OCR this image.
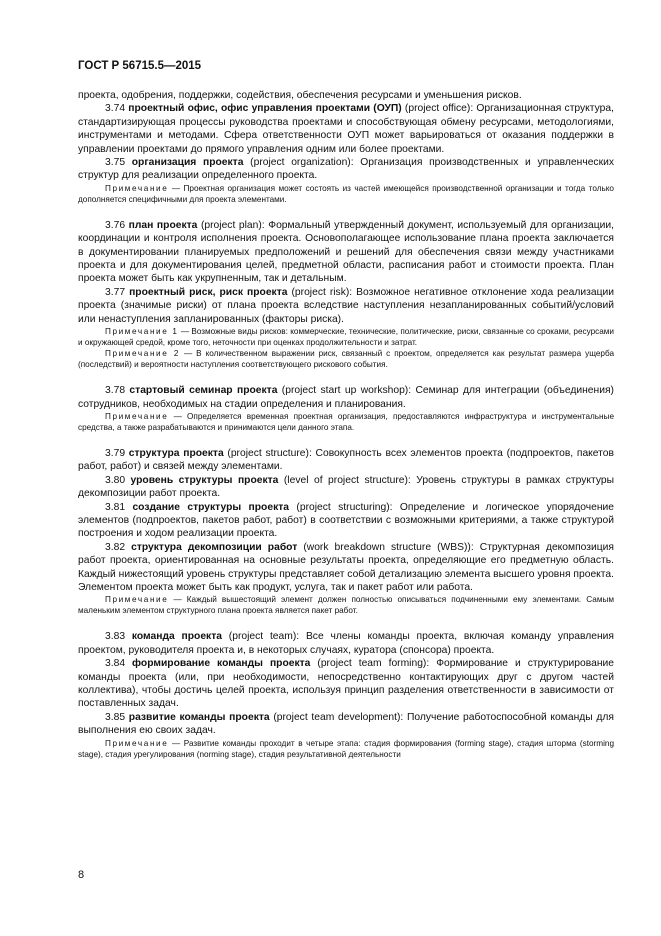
ГОСТ Р 56715.5—2015

проекта, одобрения, поддержки, содействия, обеспечения ресурсами и уменьшения рисков.

3.74 проектный офис, офис управления проектами (ОУП) (project office): Организационная структура, стандартизирующая процессы руководства проектами и способствующая обмену ресурсами, методологиями, инструментами и методами. Сфера ответственности ОУП может варьироваться от оказания поддержки в управлении проектами до прямого управления одним или более проектами.

3.75 организация проекта (project organization): Организация производственных и управленческих структур для реализации определенного проекта.

Примечание — Проектная организация может состоять из частей имеющейся производственной организации и тогда только дополняется специфичными для проекта элементами.

3.76 план проекта (project plan): Формальный утвержденный документ, используемый для организации, координации и контроля исполнения проекта. Основополагающее использование плана проекта заключается в документировании планируемых предположений и решений для обеспечения связи между участниками проекта и для документирования целей, предметной области, расписания работ и стоимости проекта. План проекта может быть как укрупненным, так и детальным.

3.77 проектный риск, риск проекта (project risk): Возможное негативное отклонение хода реализации проекта (значимые риски) от плана проекта вследствие наступления незапланированных событий/условий или ненаступления запланированных (факторы риска).

Примечание 1 — Возможные виды рисков: коммерческие, технические, политические, риски, связанные со сроками, ресурсами и окружающей средой, кроме того, неточности при оценках продолжительности и затрат.

Примечание 2 — В количественном выражении риск, связанный с проектом, определяется как результат размера ущерба (последствий) и вероятности наступления соответствующего рискового события.

3.78 стартовый семинар проекта (project start up workshop): Семинар для интеграции (объединения) сотрудников, необходимых на стадии определения и планирования.

Примечание — Определяется временная проектная организация, предоставляются инфраструктура и инструментальные средства, а также разрабатываются и принимаются цели данного этапа.

3.79 структура проекта (project structure): Совокупность всех элементов проекта (подпроектов, пакетов работ, работ) и связей между элементами.

3.80 уровень структуры проекта (level of project structure): Уровень структуры в рамках структуры декомпозиции работ проекта.

3.81 создание структуры проекта (project structuring): Определение и логическое упорядочение элементов (подпроектов, пакетов работ, работ) в соответствии с возможными критериями, а также структурой построения и ходом реализации проекта.

3.82 структура декомпозиции работ (work breakdown structure (WBS)): Структурная декомпозиция работ проекта, ориентированная на основные результаты проекта, определяющие его предметную область. Каждый нижестоящий уровень структуры представляет собой детализацию элемента высшего уровня проекта. Элементом проекта может быть как продукт, услуга, так и пакет работ или работа.

Примечание — Каждый вышестоящий элемент должен полностью описываться подчиненными ему элементами. Самым маленьким элементом структурного плана проекта является пакет работ.

3.83 команда проекта (project team): Все члены команды проекта, включая команду управления проектом, руководителя проекта и, в некоторых случаях, куратора (спонсора) проекта.

3.84 формирование команды проекта (project team forming): Формирование и структурирование команды проекта (или, при необходимости, непосредственно контактирующих друг с другом частей коллектива), чтобы достичь целей проекта, используя принцип разделения ответственности в зависимости от поставленных задач.

3.85 развитие команды проекта (project team development): Получение работоспособной команды для выполнения ею своих задач.

Примечание — Развитие команды проходит в четыре этапа: стадия формирования (forming stage), стадия шторма (storming stage), стадия урегулирования (norming stage), стадия результативной деятельности

8
